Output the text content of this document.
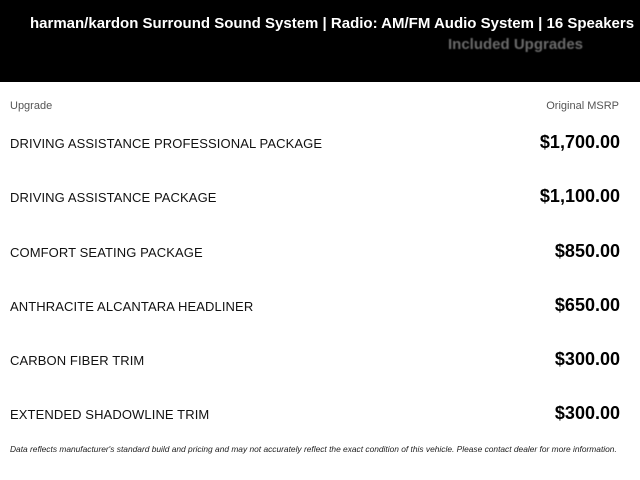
harman/kardon Surround Sound System | Radio: AM/FM Audio System | 16 Speakers
Included Upgrades
Upgrade	Original MSRP
DRIVING ASSISTANCE PROFESSIONAL PACKAGE	$1,700.00
DRIVING ASSISTANCE PACKAGE	$1,100.00
COMFORT SEATING PACKAGE	$850.00
ANTHRACITE ALCANTARA HEADLINER	$650.00
CARBON FIBER TRIM	$300.00
EXTENDED SHADOWLINE TRIM	$300.00
Data reflects manufacturer's standard build and pricing and may not accurately reflect the exact condition of this vehicle. Please contact dealer for more information.
